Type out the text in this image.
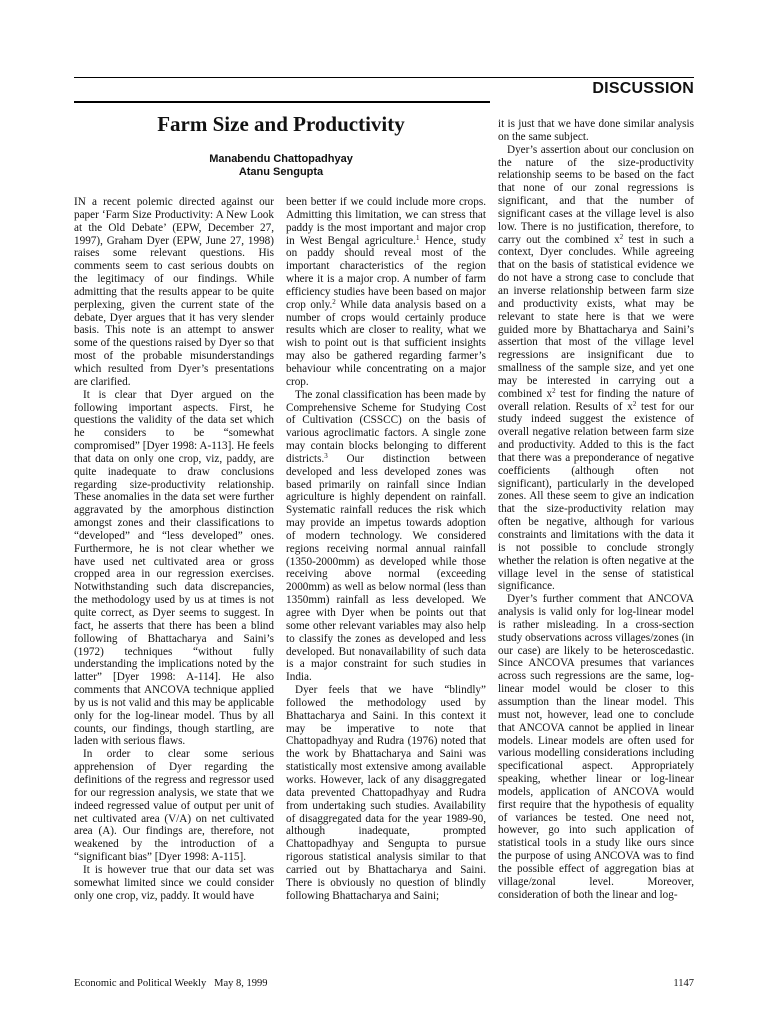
DISCUSSION
Farm Size and Productivity
Manabendu Chattopadhyay
Atanu Sengupta

IN a recent polemic directed against our paper ‘Farm Size Productivity: A New Look at the Old Debate’ (EPW, December 27, 1997), Graham Dyer (EPW, June 27, 1998) raises some relevant questions. His comments seem to cast serious doubts on the legitimacy of our findings. While admitting that the results appear to be quite perplexing, given the current state of the debate, Dyer argues that it has very slender basis. This note is an attempt to answer some of the questions raised by Dyer so that most of the probable misunderstandings which resulted from Dyer’s presentations are clarified.

It is clear that Dyer argued on the following important aspects. First, he questions the validity of the data set which he considers to be “somewhat compromised” [Dyer 1998: A-113]. He feels that data on only one crop, viz, paddy, are quite inadequate to draw conclusions regarding size-productivity relationship. These anomalies in the data set were further aggravated by the amorphous distinction amongst zones and their classifications to “developed” and “less developed” ones. Furthermore, he is not clear whether we have used net cultivated area or gross cropped area in our regression exercises. Notwithstanding such data discrepancies, the methodology used by us at times is not quite correct, as Dyer seems to suggest. In fact, he asserts that there has been a blind following of Bhattacharya and Saini’s (1972) techniques “without fully understanding the implications noted by the latter” [Dyer 1998: A-114]. He also comments that ANCOVA technique applied by us is not valid and this may be applicable only for the log-linear model. Thus by all counts, our findings, though startling, are laden with serious flaws.

In order to clear some serious apprehension of Dyer regarding the definitions of the regress and regressor used for our regression analysis, we state that we indeed regressed value of output per unit of net cultivated area (V/A) on net cultivated area (A). Our findings are, therefore, not weakened by the introduction of a “significant bias” [Dyer 1998: A-115].

It is however true that our data set was somewhat limited since we could consider only one crop, viz, paddy. It would have

been better if we could include more crops. Admitting this limitation, we can stress that paddy is the most important and major crop in West Bengal agriculture.$^1$ Hence, study on paddy should reveal most of the important characteristics of the region where it is a major crop. A number of farm efficiency studies have been based on major crop only.$^2$ While data analysis based on a number of crops would certainly produce results which are closer to reality, what we wish to point out is that sufficient insights may also be gathered regarding farmer’s behaviour while concentrating on a major crop.

The zonal classification has been made by Comprehensive Scheme for Studying Cost of Cultivation (CSSCC) on the basis of various agroclimatic factors. A single zone may contain blocks belonging to different districts.$^3$ Our distinction between developed and less developed zones was based primarily on rainfall since Indian agriculture is highly dependent on rainfall. Systematic rainfall reduces the risk which may provide an impetus towards adoption of modern technology. We considered regions receiving normal annual rainfall (1350-2000mm) as developed while those receiving above normal (exceeding 2000mm) as well as below normal (less than 1350mm) rainfall as less developed. We agree with Dyer when be points out that some other relevant variables may also help to classify the zones as developed and less developed. But nonavailability of such data is a major constraint for such studies in India.

Dyer feels that we have “blindly” followed the methodology used by Bhattacharya and Saini. In this context it may be imperative to note that Chattopadhyay and Rudra (1976) noted that the work by Bhattacharya and Saini was statistically most extensive among available works. However, lack of any disaggregated data prevented Chattopadhyay and Rudra from undertaking such studies. Availability of disaggregated data for the year 1989-90, although inadequate, prompted Chattopadhyay and Sengupta to pursue rigorous statistical analysis similar to that carried out by Bhattacharya and Saini. There is obviously no question of blindly following Bhattacharya and Saini;

it is just that we have done similar analysis on the same subject.

Dyer’s assertion about our conclusion on the nature of the size-productivity relationship seems to be based on the fact that none of our zonal regressions is significant, and that the number of significant cases at the village level is also low. There is no justification, therefore, to carry out the combined $x^2$ test in such a context, Dyer concludes. While agreeing that on the basis of statistical evidence we do not have a strong case to conclude that an inverse relationship between farm size and productivity exists, what may be relevant to state here is that we were guided more by Bhattacharya and Saini’s assertion that most of the village level regressions are insignificant due to smallness of the sample size, and yet one may be interested in carrying out a combined $x^2$ test for finding the nature of overall relation. Results of $x^2$ test for our study indeed suggest the existence of overall negative relation between farm size and productivity. Added to this is the fact that there was a preponderance of negative coefficients (although often not significant), particularly in the developed zones. All these seem to give an indication that the size-productivity relation may often be negative, although for various constraints and limitations with the data it is not possible to conclude strongly whether the relation is often negative at the village level in the sense of statistical significance.

Dyer’s further comment that ANCOVA analysis is valid only for log-linear model is rather misleading. In a cross-section study observations across villages/zones (in our case) are likely to be heteroscedastic. Since ANCOVA presumes that variances across such regressions are the same, log-linear model would be closer to this assumption than the linear model. This must not, however, lead one to conclude that ANCOVA cannot be applied in linear models. Linear models are often used for various modelling considerations including specificational aspect. Appropriately speaking, whether linear or log-linear models, application of ANCOVA would first require that the hypothesis of equality of variances be tested. One need not, however, go into such application of statistical tools in a study like ours since the purpose of using ANCOVA was to find the possible effect of aggregation bias at village/zonal level. Moreover, consideration of both the linear and log-

Economic and Political Weekly May 8, 1999	1147
